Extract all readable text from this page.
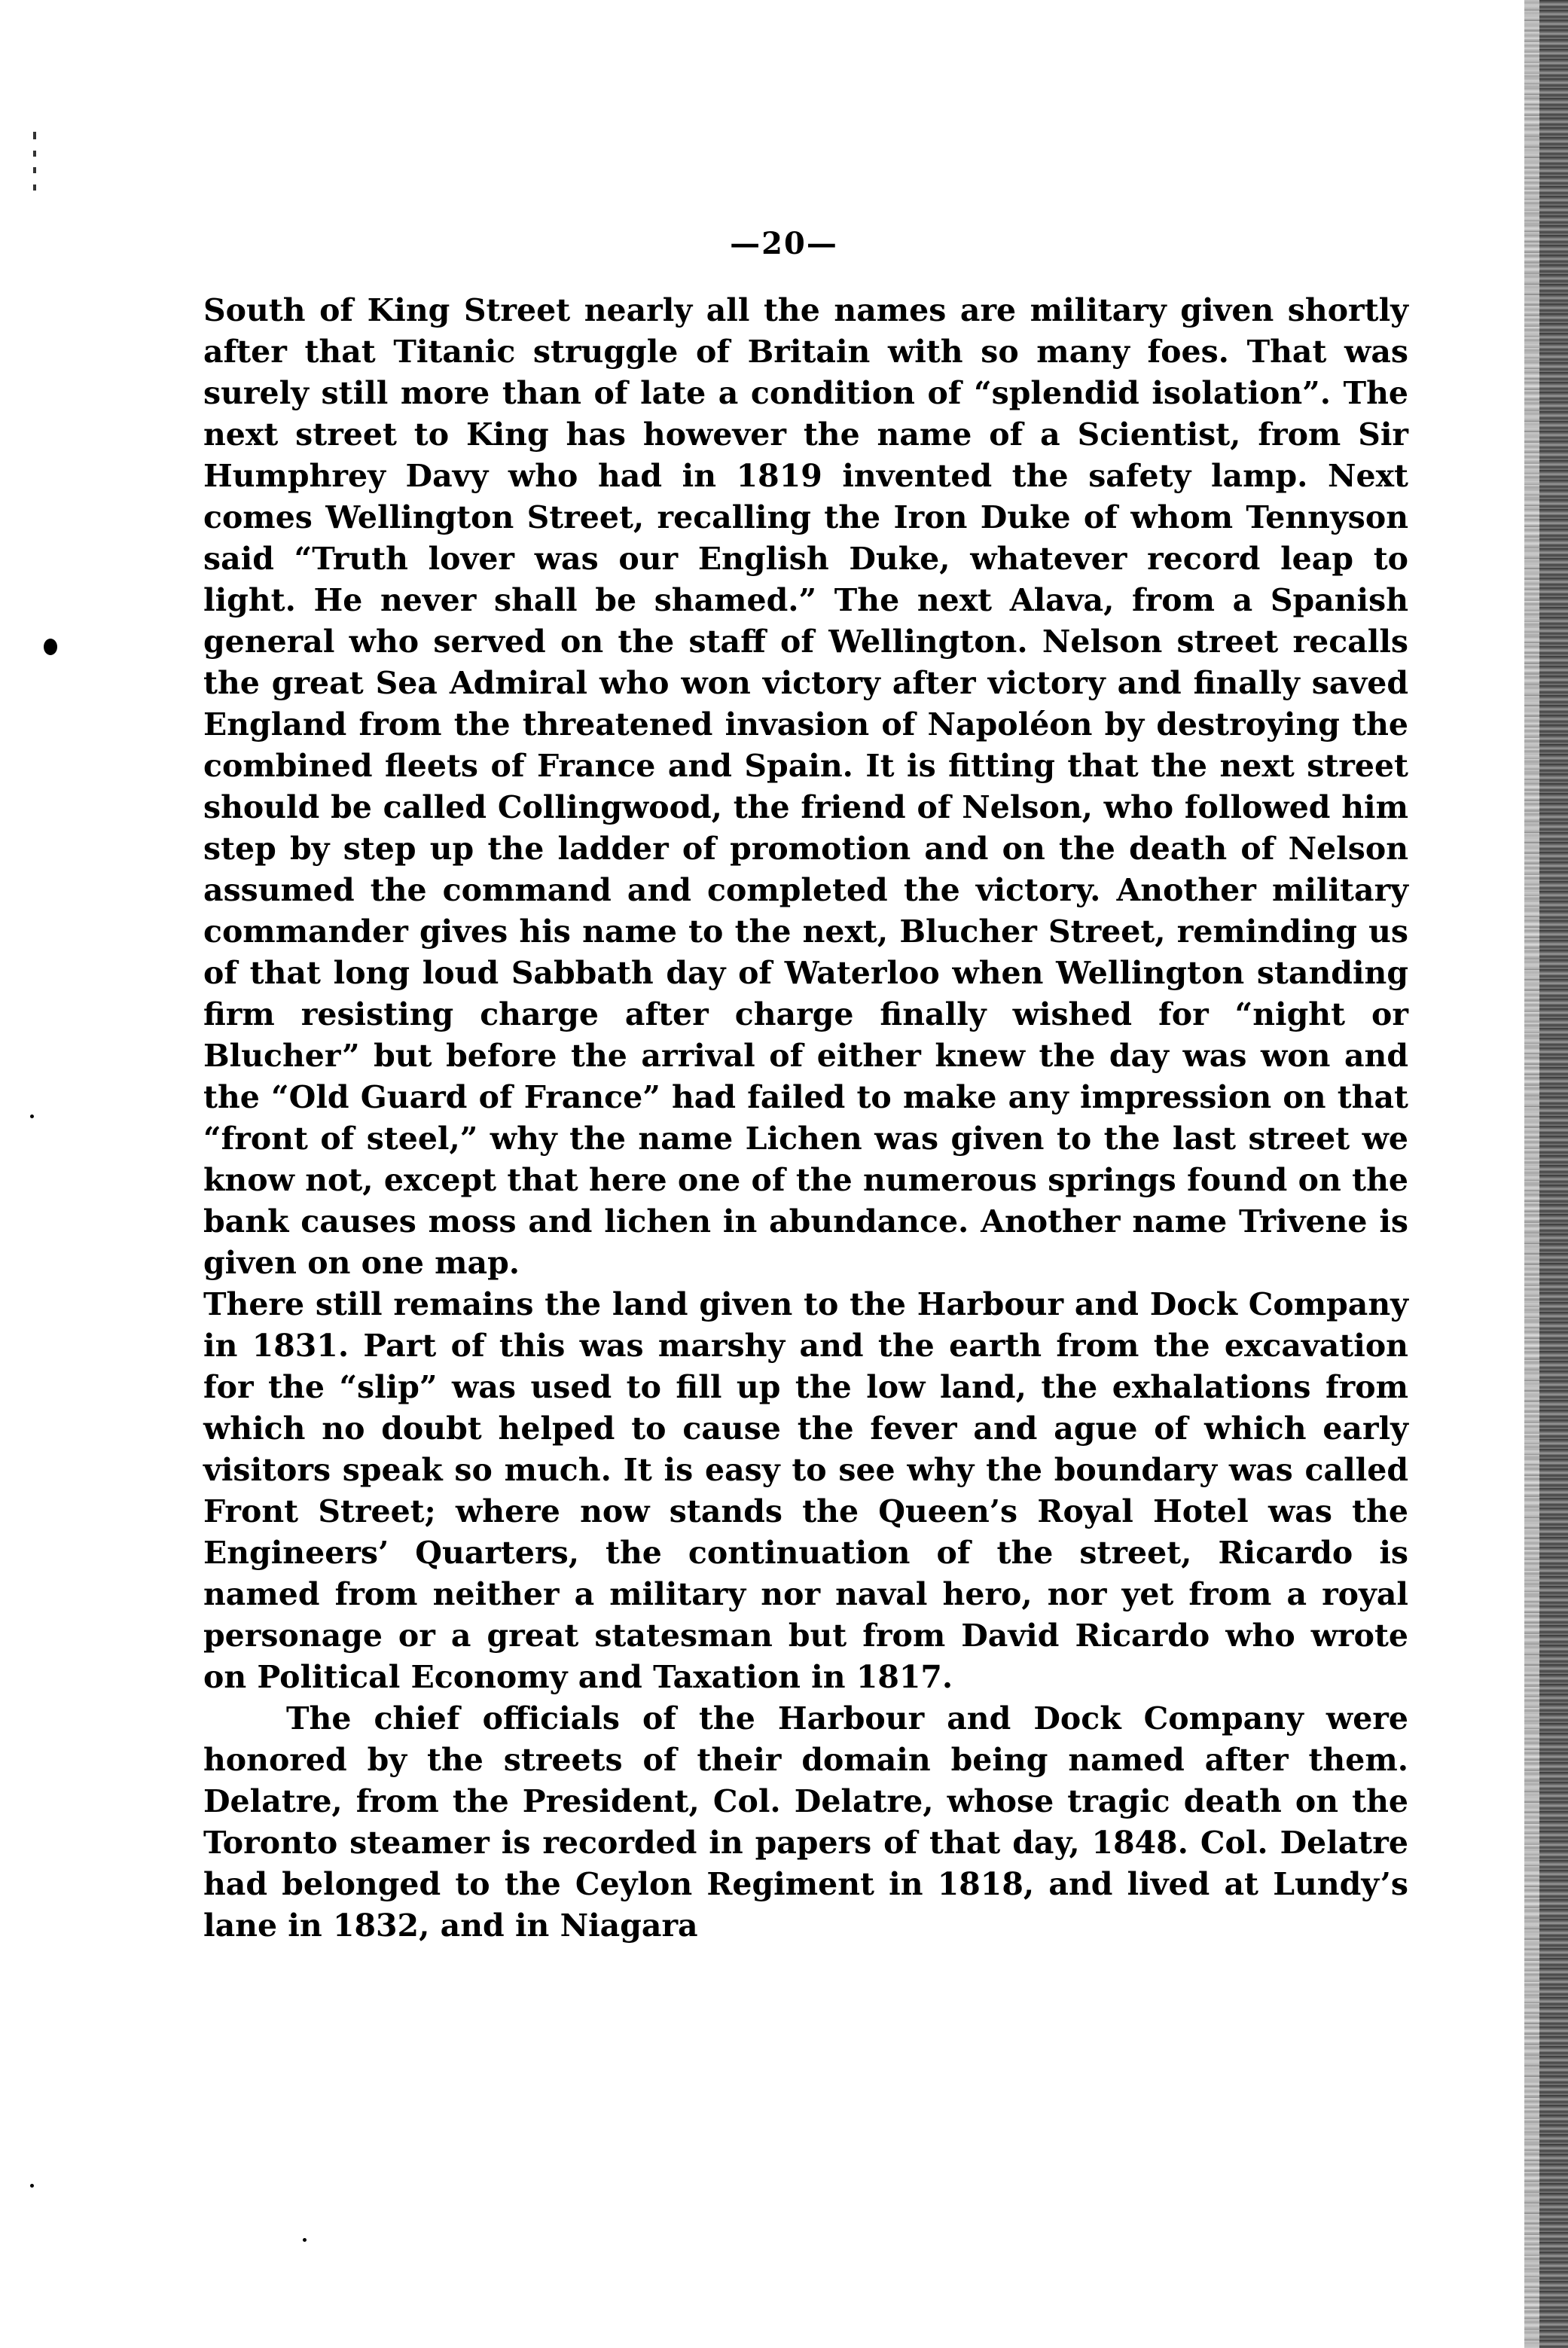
—20—

South of King Street nearly all the names are military given shortly after that Titanic struggle of Britain with so many foes. That was surely still more than of late a condition of “splendid isolation”. The next street to King has however the name of a Scientist, from Sir Humphrey Davy who had in 1819 invented the safety lamp. Next comes Wellington Street, recalling the Iron Duke of whom Tennyson said “Truth lover was our English Duke, whatever record leap to light. He never shall be shamed.” The next Alava, from a Spanish general who served on the staff of Wellington. Nelson street recalls the great Sea Admiral who won victory after victory and finally saved England from the threatened invasion of Napoléon by destroying the combined fleets of France and Spain. It is fitting that the next street should be called Collingwood, the friend of Nelson, who followed him step by step up the ladder of promotion and on the death of Nelson assumed the command and completed the victory. Another military commander gives his name to the next, Blucher Street, reminding us of that long loud Sabbath day of Waterloo when Wellington standing firm resisting charge after charge finally wished for “night or Blucher” but before the arrival of either knew the day was won and the “Old Guard of France” had failed to make any impression on that “front of steel,” why the name Lichen was given to the last street we know not, except that here one of the numerous springs found on the bank causes moss and lichen in abundance. Another name Trivene is given on one map.

There still remains the land given to the Harbour and Dock Company in 1831. Part of this was marshy and the earth from the excavation for the “slip” was used to fill up the low land, the exhalations from which no doubt helped to cause the fever and ague of which early visitors speak so much. It is easy to see why the boundary was called Front Street; where now stands the Queen’s Royal Hotel was the Engineers’ Quarters, the continuation of the street, Ricardo is named from neither a military nor naval hero, nor yet from a royal personage or a great statesman but from David Ricardo who wrote on Political Economy and Taxation in 1817.

The chief officials of the Harbour and Dock Company were honored by the streets of their domain being named after them. Delatre, from the President, Col. Delatre, whose tragic death on the Toronto steamer is recorded in papers of that day, 1848. Col. Delatre had belonged to the Ceylon Regiment in 1818, and lived at Lundy’s lane in 1832, and in Niagara
